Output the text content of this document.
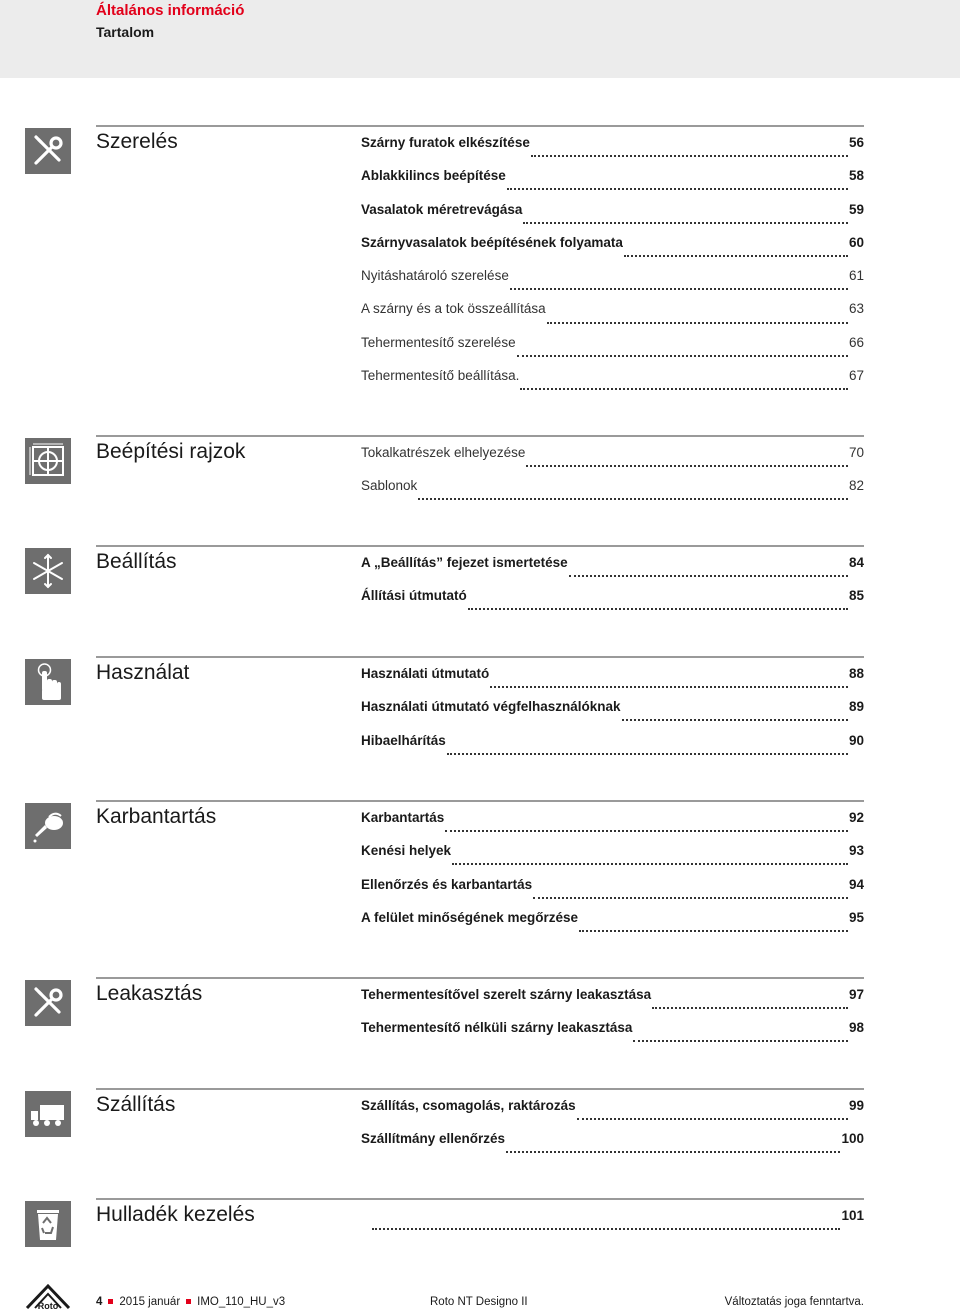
Általános információ
Tartalom
Szerelés	Szárny furatok elkészítése	56
Ablakkilincs beépítése	58
Vasalatok méretrevágása	59
Szárnyvasalatok beépítésének folyamata	60
Nyitáshatároló szerelése	61
A szárny és a tok összeállítása	63
Tehermentesítő szerelése	66
Tehermentesítő beállítása.	67
Beépítési rajzok	Tokalkatrészek elhelyezése	70
Sablonok	82
Beállítás	A „Beállítás” fejezet ismertetése	84
Állítási útmutató	85
Használat	Használati útmutató	88
Használati útmutató végfelhasználóknak	89
Hibaelhárítás	90
Karbantartás	Karbantartás	92
Kenési helyek	93
Ellenőrzés és karbantartás	94
A felület minőségének megőrzése	95
Leakasztás	Tehermentesítővel szerelt szárny leakasztása	97
Tehermentesítő nélküli szárny leakasztása	98
Szállítás	Szállítás, csomagolás, raktározás	99
Szállítmány ellenőrzés	100
Hulladék kezelés	101
Roto	4 2015 január IMO_110_HU_v3	Roto NT Designo II	Változtatás joga fenntartva.
